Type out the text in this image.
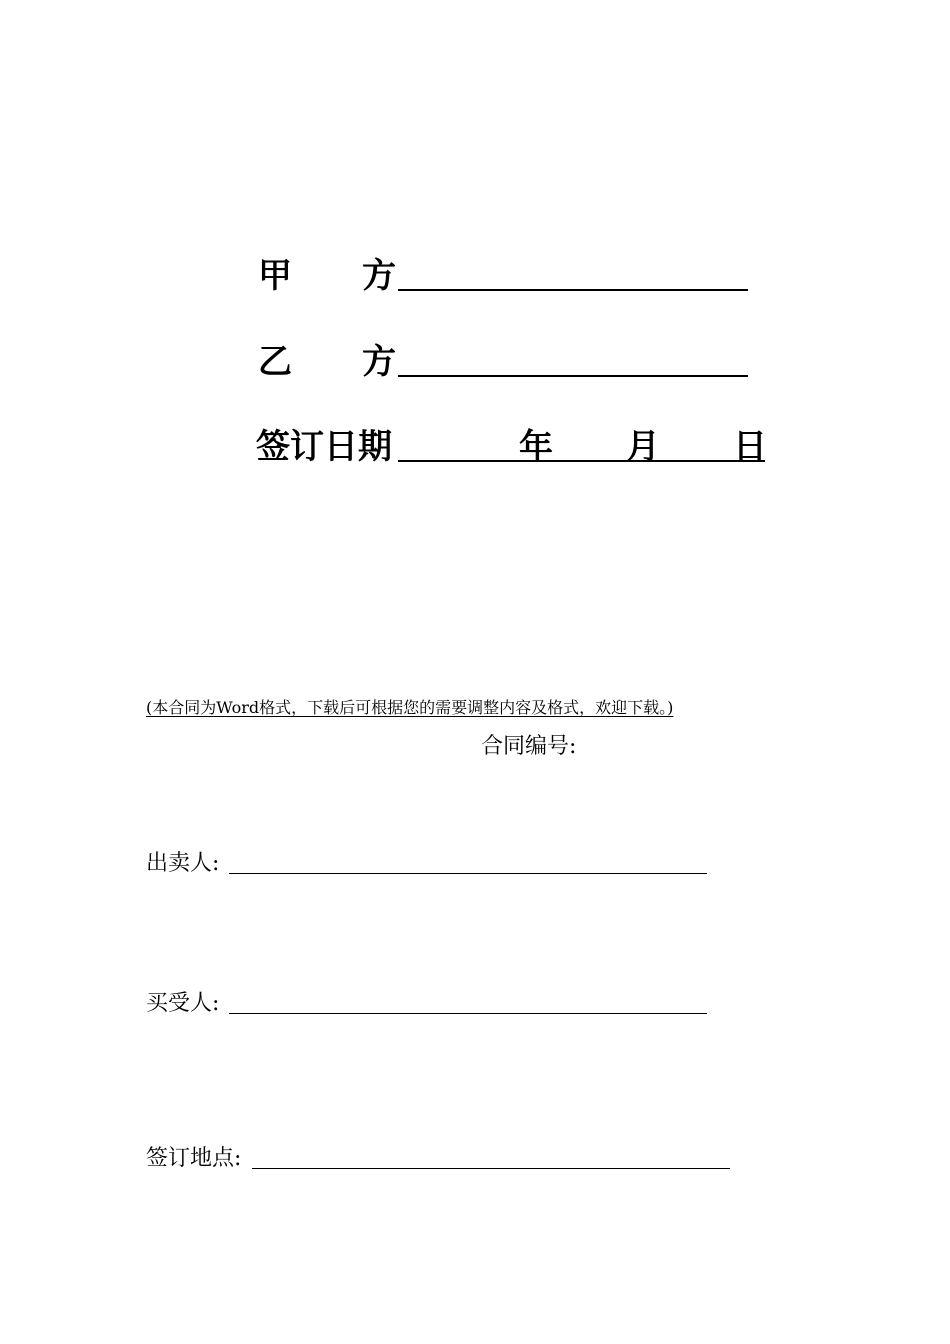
甲 方
乙 方
签订日期	年 月 日
(本合同为Word格式，下载后可根据您的需要调整内容及格式，欢迎下载。)
合同编号:
出卖人:
买受人:
签订地点:
